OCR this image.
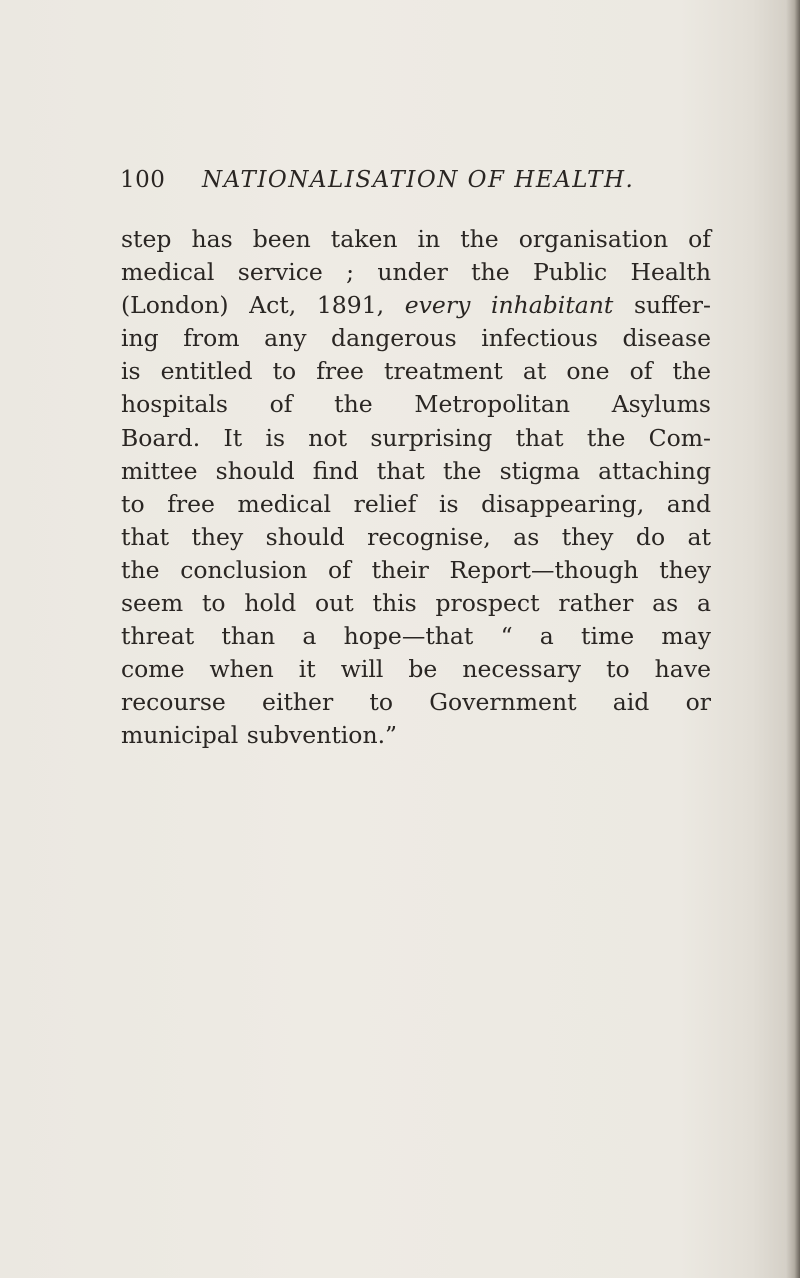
100 NATIONALISATION OF HEALTH.
step has been taken in the organisation of
medical service ; under the Public Health
(London) Act, 1891, every inhabitant suffer-
ing from any dangerous infectious disease
is entitled to free treatment at one of the
hospitals of the Metropolitan Asylums
Board. It is not surprising that the Com-
mittee should find that the stigma attaching
to free medical relief is disappearing, and
that they should recognise, as they do at
the conclusion of their Report—though they
seem to hold out this prospect rather as a
threat than a hope—that “ a time may
come when it will be necessary to have
recourse either to Government aid or
municipal subvention.”
